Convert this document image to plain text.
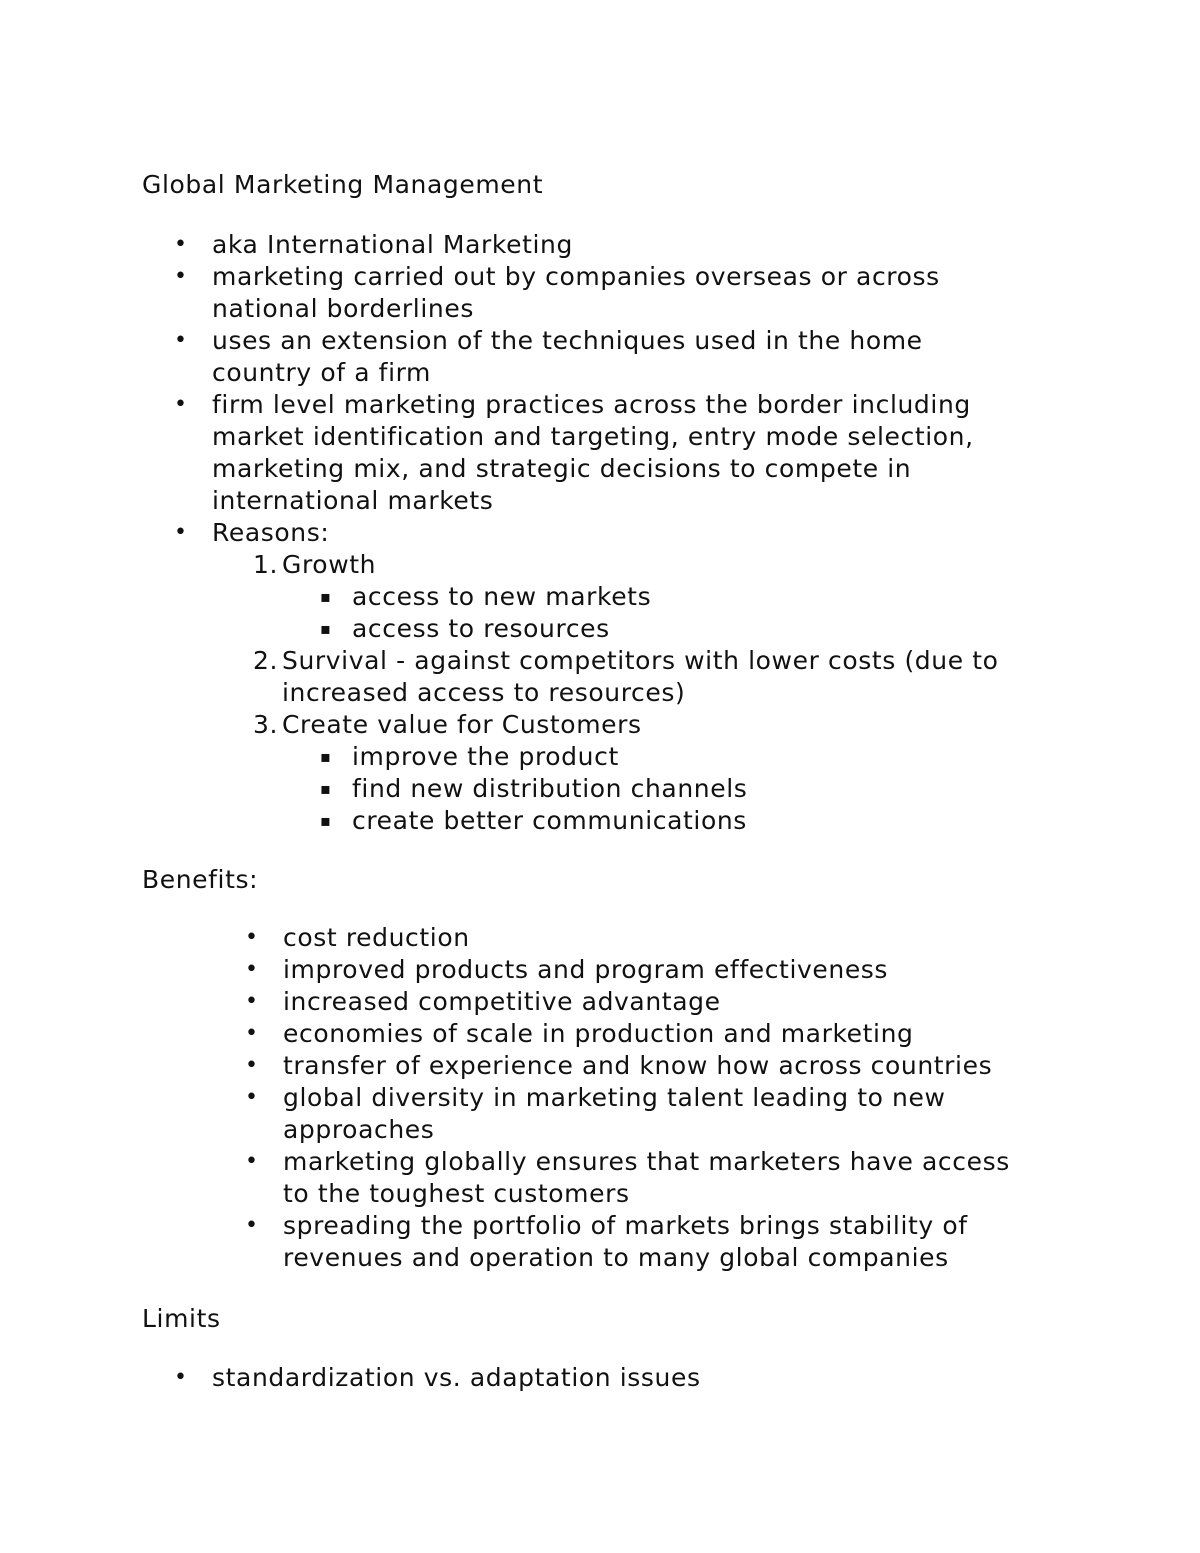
Global Marketing Management
• aka International Marketing
• marketing carried out by companies overseas or across
national borderlines
• uses an extension of the techniques used in the home
country of a firm
• firm level marketing practices across the border including
market identification and targeting, entry mode selection,
marketing mix, and strategic decisions to compete in
international markets
• Reasons:
1. Growth
▪ access to new markets
▪ access to resources
2. Survival - against competitors with lower costs (due to
increased access to resources)
3. Create value for Customers
▪ improve the product
▪ find new distribution channels
▪ create better communications
Benefits:
• cost reduction
• improved products and program effectiveness
• increased competitive advantage
• economies of scale in production and marketing
• transfer of experience and know how across countries
• global diversity in marketing talent leading to new
approaches
• marketing globally ensures that marketers have access
to the toughest customers
• spreading the portfolio of markets brings stability of
revenues and operation to many global companies
Limits
• standardization vs. adaptation issues
